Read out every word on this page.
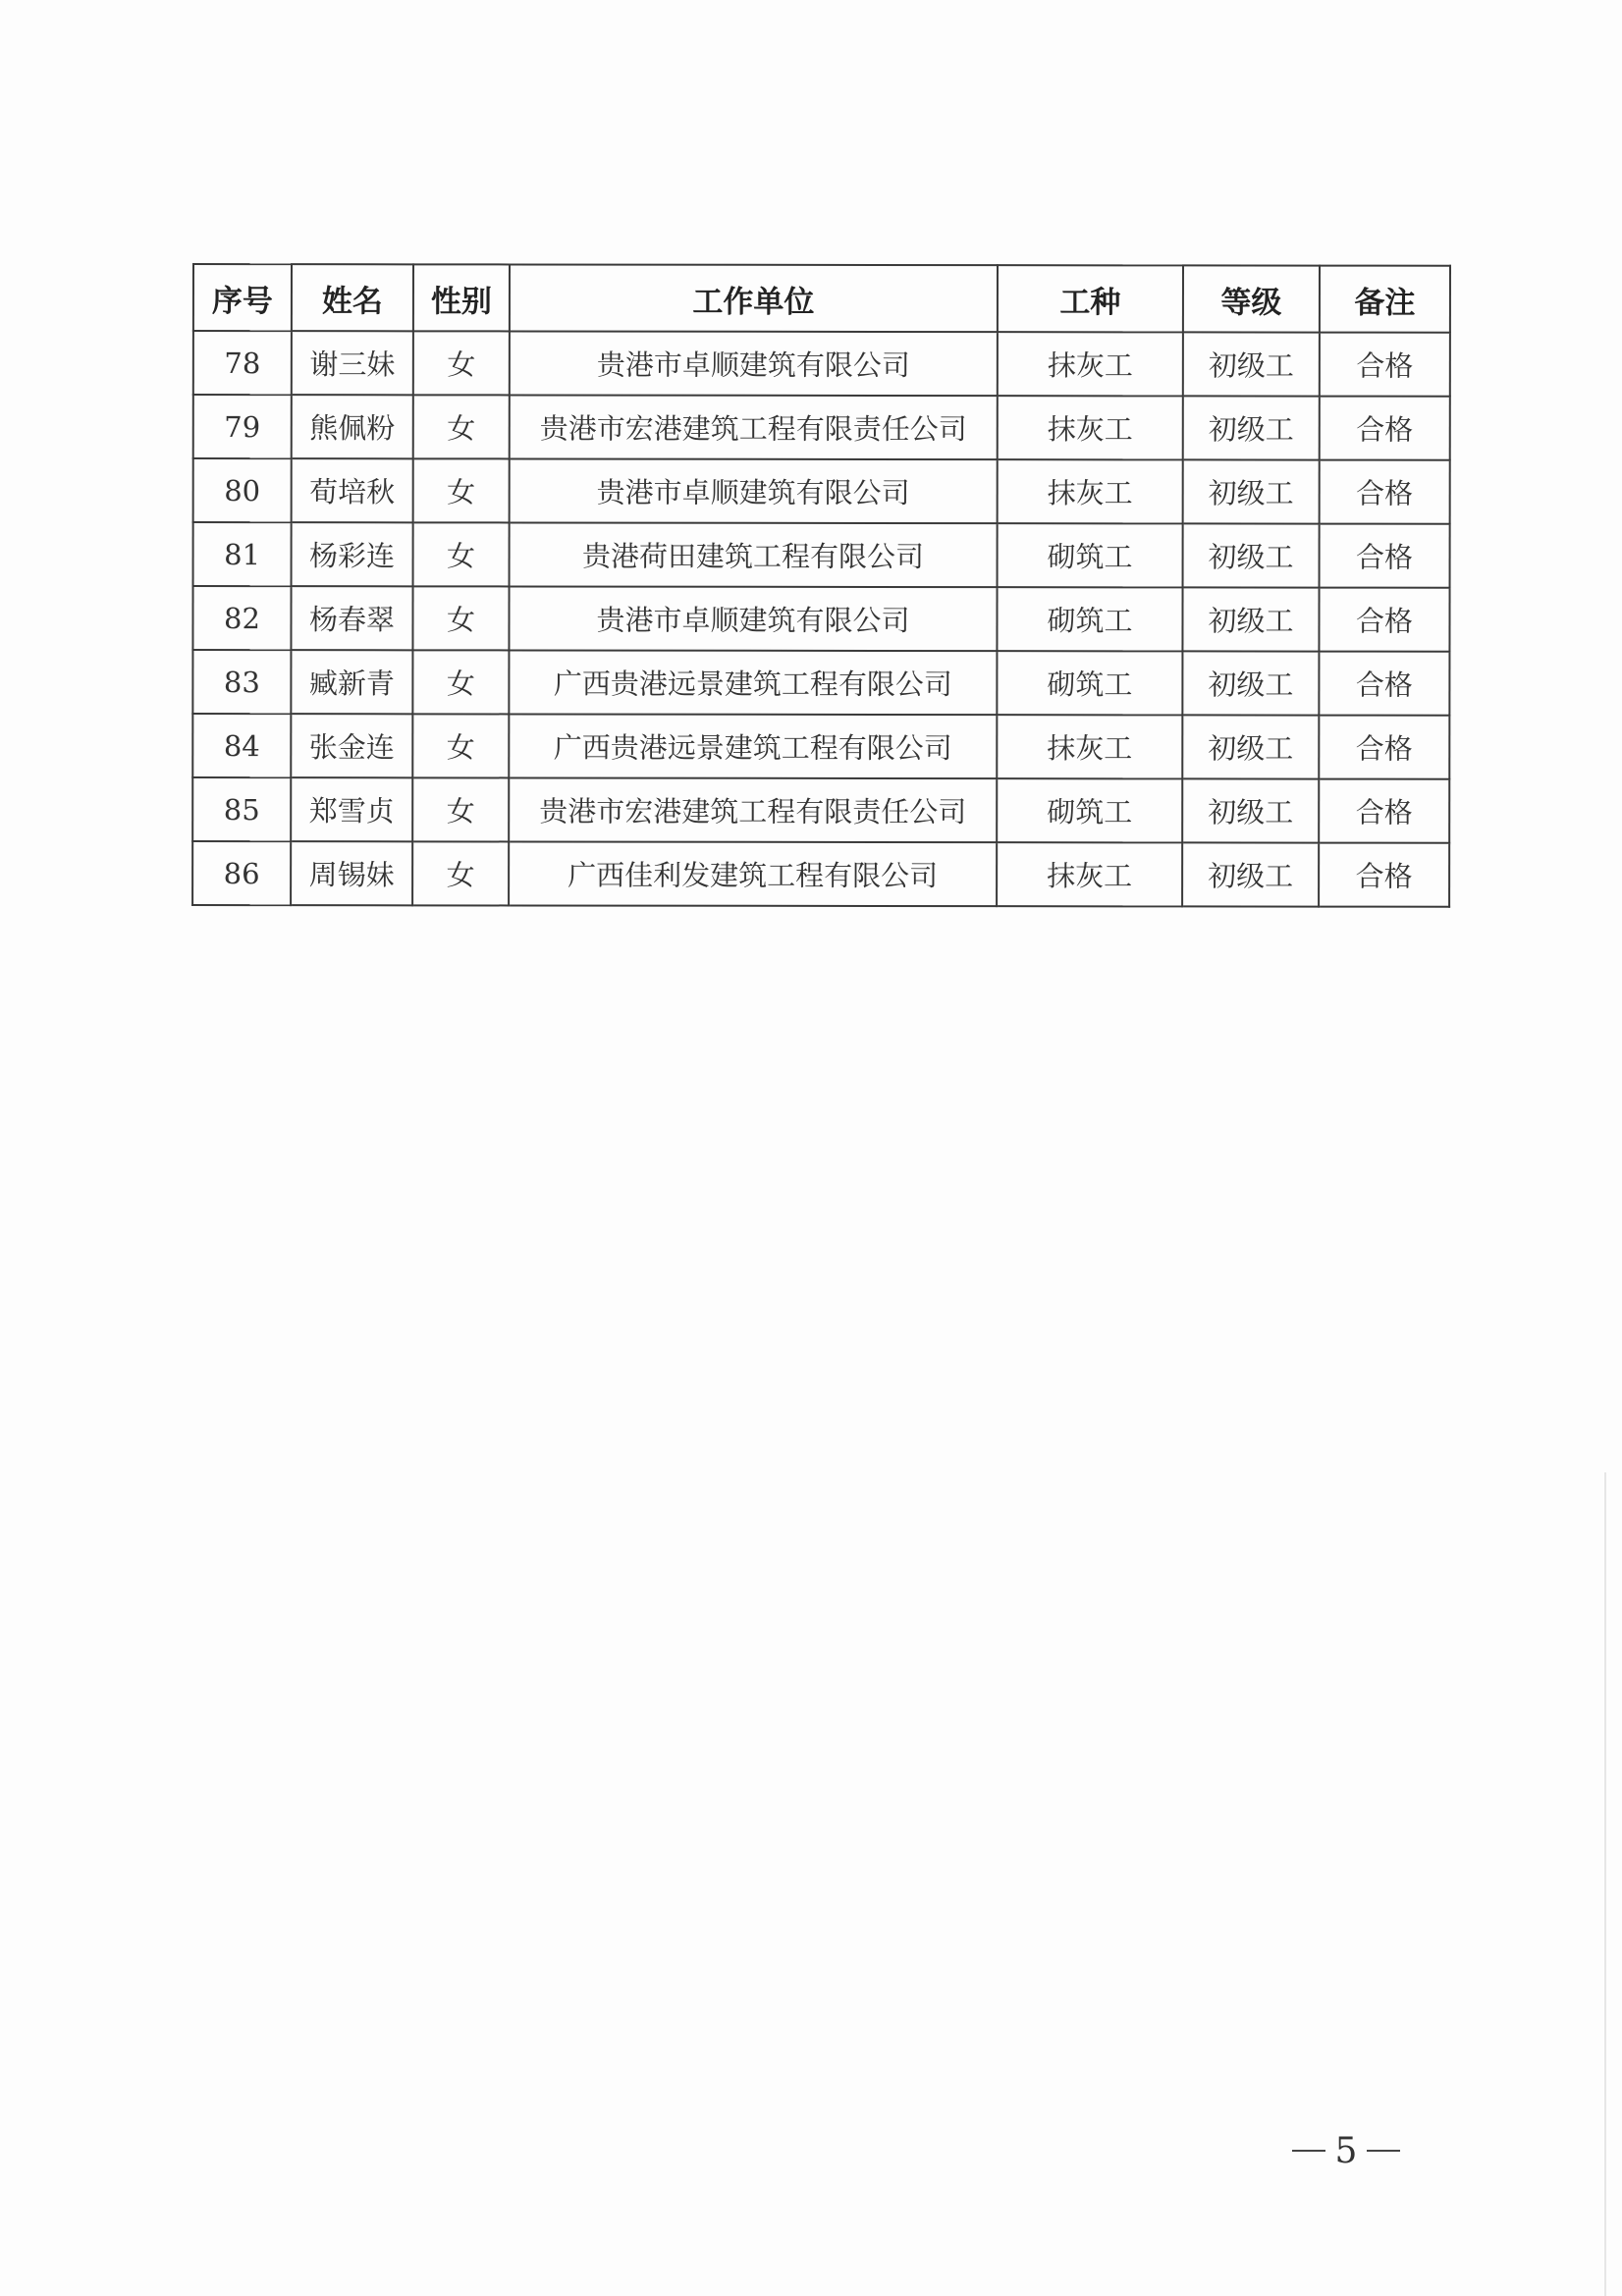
序号	姓名	性别	工作单位	工种	等级	备注
78	谢三妹	女	贵港市卓顺建筑有限公司	抹灰工	初级工	合格
79	熊佩粉	女	贵港市宏港建筑工程有限责任公司	抹灰工	初级工	合格
80	荀培秋	女	贵港市卓顺建筑有限公司	抹灰工	初级工	合格
81	杨彩连	女	贵港荷田建筑工程有限公司	砌筑工	初级工	合格
82	杨春翠	女	贵港市卓顺建筑有限公司	砌筑工	初级工	合格
83	臧新青	女	广西贵港远景建筑工程有限公司	砌筑工	初级工	合格
84	张金连	女	广西贵港远景建筑工程有限公司	抹灰工	初级工	合格
85	郑雪贞	女	贵港市宏港建筑工程有限责任公司	砌筑工	初级工	合格
86	周锡妹	女	广西佳利发建筑工程有限公司	抹灰工	初级工	合格
5
